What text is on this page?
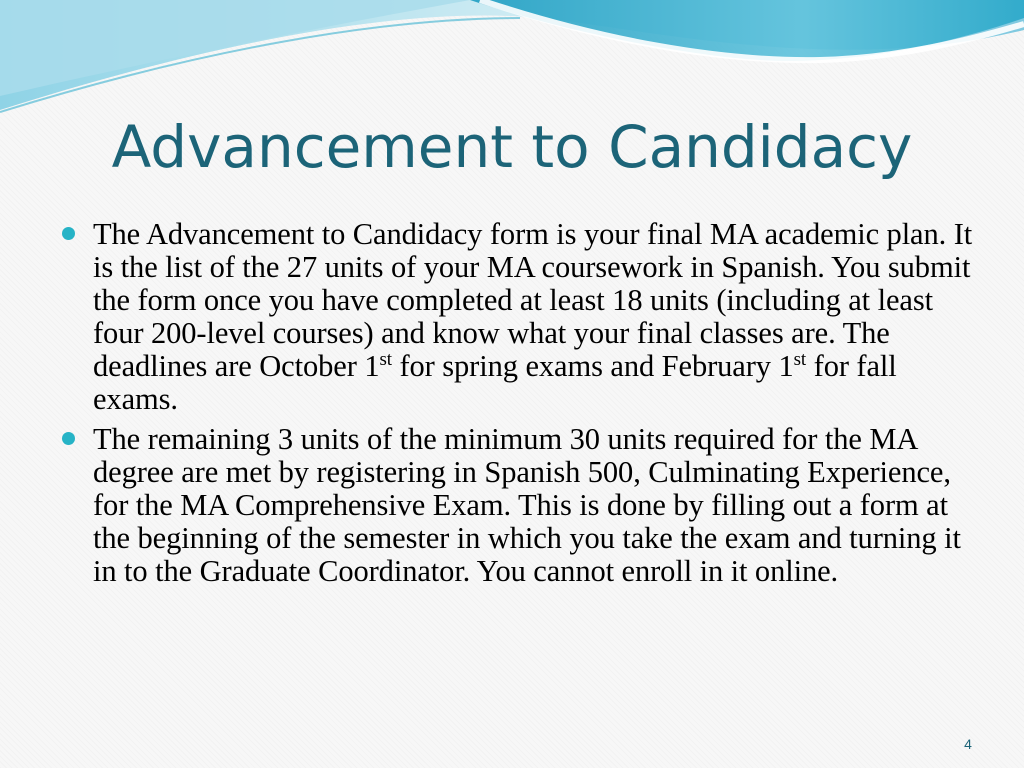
Advancement to Candidacy
The Advancement to Candidacy form is your final MA academic plan. It is the list of the 27 units of your MA coursework in Spanish. You submit the form once you have completed at least 18 units (including at least four 200-level courses) and know what your final classes are. The deadlines are October 1st for spring exams and February 1st for fall exams.
The remaining 3 units of the minimum 30 units required for the MA degree are met by registering in Spanish 500, Culminating Experience, for the MA Comprehensive Exam. This is done by filling out a form at the beginning of the semester in which you take the exam and turning it in to the Graduate Coordinator. You cannot enroll in it online.
4
